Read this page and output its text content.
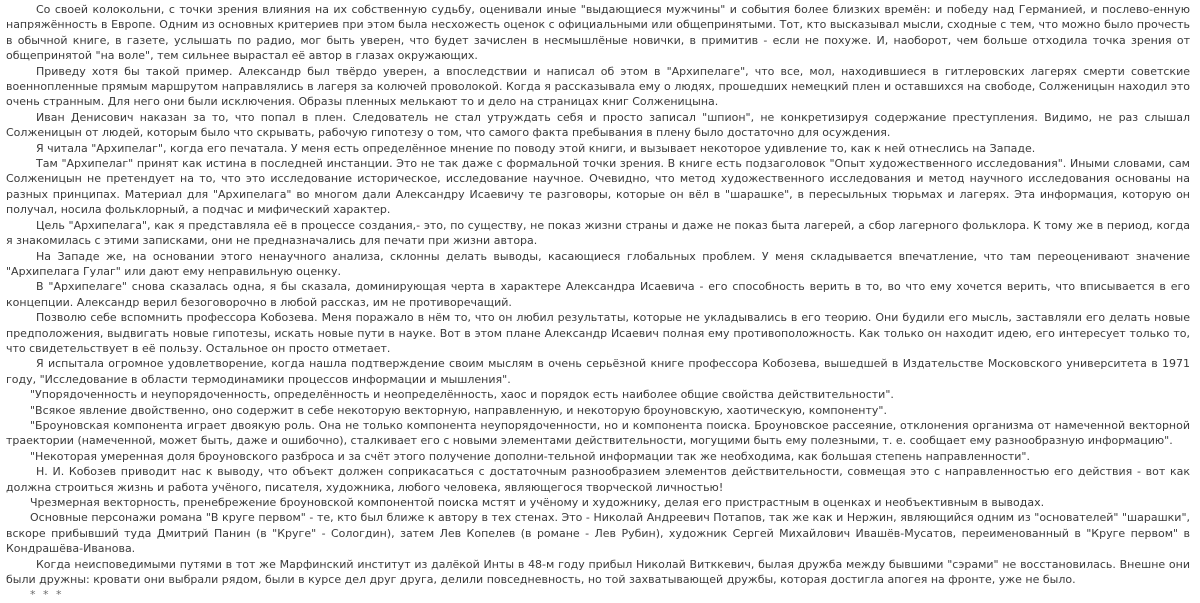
Со своей колокольни, с точки зрения влияния на их собственную судьбу, оценивали иные "выдающиеся мужчины" и события более близких времён: и победу над Германией, и послево-енную напряжённость в Европе. Одним из основных критериев при этом была несхожесть оценок с официальными или общепринятыми. Тот, кто высказывал мысли, сходные с тем, что можно было прочесть в обычной книге, в газете, услышать по радио, мог быть уверен, что будет зачислен в несмышлёные новички, в примитив - если не похуже. И, наоборот, чем больше отходила точка зрения от общепринятой "на воле", тем сильнее вырастал её автор в глазах окружающих.

Приведу хотя бы такой пример. Александр был твёрдо уверен, а впоследствии и написал об этом в "Архипелаге", что все, мол, находившиеся в гитлеровских лагерях смерти советские военнопленные прямым маршрутом направлялись в лагеря за колючей проволокой. Когда я рассказывала ему о людях, прошедших немецкий плен и оставшихся на свободе, Солженицын находил это очень странным. Для него они были исключения. Образы пленных мелькают то и дело на страницах книг Солженицына.

Иван Денисович наказан за то, что попал в плен. Следователь не стал утруждать себя и просто записал "шпион", не конкретизируя содержание преступления. Видимо, не раз слышал Солженицын от людей, которым было что скрывать, рабочую гипотезу о том, что самого факта пребывания в плену было достаточно для осуждения.

Я читала "Архипелаг", когда его печатала. У меня есть определённое мнение по поводу этой книги, и вызывает некоторое удивление то, как к ней отнеслись на Западе.

Там "Архипелаг" принят как истина в последней инстанции. Это не так даже с формальной точки зрения. В книге есть подзаголовок "Опыт художественного исследования". Иными словами, сам Солженицын не претендует на то, что это исследование историческое, исследование научное. Очевидно, что метод художественного исследования и метод научного исследования основаны на разных принципах. Материал для "Архипелага" во многом дали Александру Исаевичу те разговоры, которые он вёл в "шарашке", в пересыльных тюрьмах и лагерях. Эта информация, которую он получал, носила фольклорный, а подчас и мифический характер.

Цель "Архипелага", как я представляла её в процессе создания,- это, по существу, не показ жизни страны и даже не показ быта лагерей, а сбор лагерного фольклора. К тому же в период, когда я знакомилась с этими записками, они не предназначались для печати при жизни автора.

На Западе же, на основании этого ненаучного анализа, склонны делать выводы, касающиеся глобальных проблем. У меня складывается впечатление, что там переоценивают значение "Архипелага Гулаг" или дают ему неправильную оценку.

В "Архипелаге" снова сказалась одна, я бы сказала, доминирующая черта в характере Александра Исаевича - его способность верить в то, во что ему хочется верить, что вписывается в его концепции. Александр верил безоговорочно в любой рассказ, им не противоречащий.

Позволю себе вспомнить профессора Кобозева. Меня поражало в нём то, что он любил результаты, которые не укладывались в его теорию. Они будили его мысль, заставляли его делать новые предположения, выдвигать новые гипотезы, искать новые пути в науке. Вот в этом плане Александр Исаевич полная ему противоположность. Как только он находит идею, его интересует только то, что свидетельствует в её пользу. Остальное он просто отметает.

Я испытала огромное удовлетворение, когда нашла подтверждение своим мыслям в очень серьёзной книге профессора Кобозева, вышедшей в Издательстве Московского университета в 1971 году, "Исследование в области термодинамики процессов информации и мышления".

"Упорядоченность и неупорядоченность, определённость и неопределённость, хаос и порядок есть наиболее общие свойства действительности".

"Всякое явление двойственно, оно содержит в себе некоторую векторную, направленную, и некоторую броуновскую, хаотическую, компоненту".

"Броуновская компонента играет двоякую роль. Она не только компонента неупорядоченности, но и компонента поиска. Броуновское рассеяние, отклонения организма от намеченной векторной траектории (намеченной, может быть, даже и ошибочно), сталкивает его с новыми элементами действительности, могущими быть ему полезными, т. е. сообщает ему разнообразную информацию".

"Некоторая умеренная доля броуновского разброса и за счёт этого получение дополни-тельной информации так же необходима, как большая степень направленности".

Н. И. Кобозев приводит нас к выводу, что объект должен соприкасаться с достаточным разнообразием элементов действительности, совмещая это с направленностью его действия - вот как должна строиться жизнь и работа учёного, писателя, художника, любого человека, являющегося творческой личностью!

Чрезмерная векторность, пренебрежение броуновской компонентой поиска мстят и учёному и художнику, делая его пристрастным в оценках и необъективным в выводах.

Основные персонажи романа "В круге первом" - те, кто был ближе к автору в тех стенах. Это - Николай Андреевич Потапов, так же как и Нержин, являющийся одним из "основателей" "шарашки", вскоре прибывший туда Дмитрий Панин (в "Круге" - Сологдин), затем Лев Копелев (в романе - Лев Рубин), художник Сергей Михайлович Ивашёв-Мусатов, переименованный в "Круге первом" в Кондрашёва-Иванова.

Когда неисповедимыми путями в тот же Марфинский институт из далёкой Инты в 48-м году прибыл Николай Витккевич, былая дружба между бывшими "сэрами" не восстановилась. Внешне они были дружны: кровати они выбрали рядом, были в курсе дел друг друга, делили повседневность, но той захватывающей дружбы, которая достигла апогея на фронте, уже не было.

* * *
